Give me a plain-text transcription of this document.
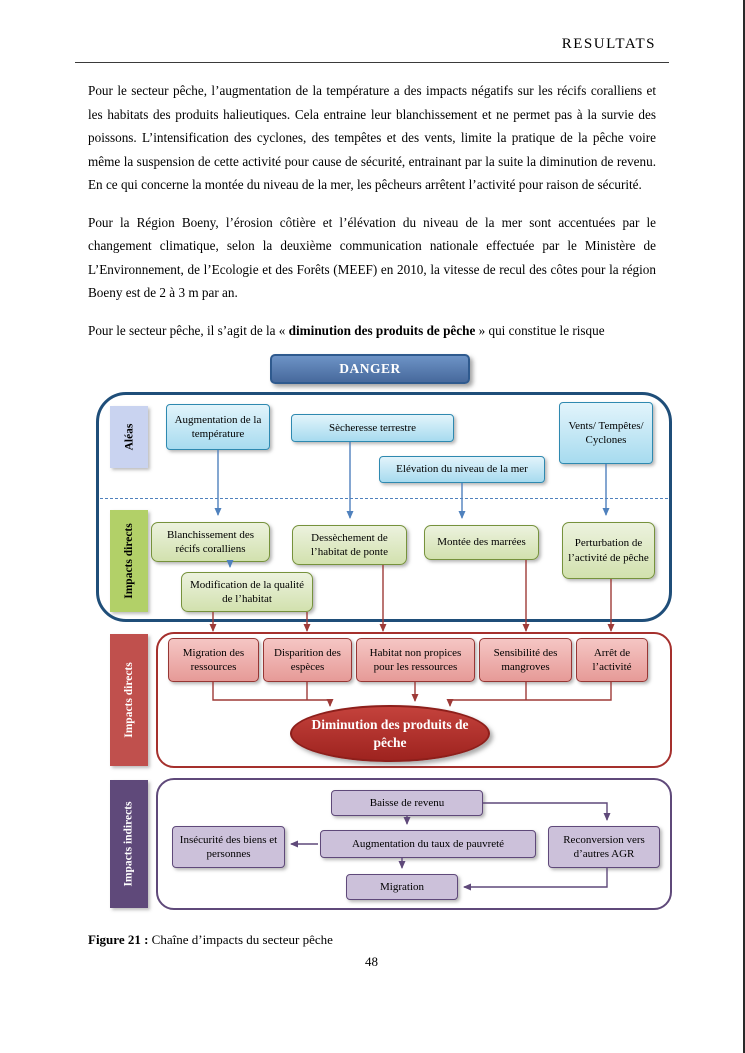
RESULTATS

Pour le secteur pêche, l’augmentation de la température a des impacts négatifs sur les récifs coralliens et les habitats des produits halieutiques. Cela entraine leur blanchissement et ne permet pas à la survie des poissons. L’intensification des cyclones, des tempêtes et des vents, limite la pratique de la pêche voire même la suspension de cette activité pour cause de sécurité, entrainant par la suite la diminution de revenu. En ce qui concerne la montée du niveau de la mer, les pêcheurs arrêtent l’activité pour raison de sécurité.

Pour la Région Boeny, l’érosion côtière et l’élévation du niveau de la mer sont accentuées par le changement climatique, selon la deuxième communication nationale effectuée par le Ministère de L’Environnement, de l’Ecologie et des Forêts (MEEF) en 2010, la vitesse de recul des côtes pour la région Boeny est de 2 à 3 m par an.

Pour le secteur pêche, il s’agit de la « diminution des produits de pêche » qui constitue le risque

DANGER
Aléas
Impacts directs
Impacts directs
Impacts indirects
Augmentation de la température
Sècheresse terrestre	Vents/ Tempêtes/ Cyclones
Elévation du niveau de la mer
Blanchissement des récifs coralliens
Dessèchement de l’habitat de ponte
Montée des marrées	Perturbation de l’activité de pêche
Modification de la qualité de l’habitat
Migration des ressources
Disparition des espèces
Habitat non propices pour les ressources
Sensibilité des mangroves
Arrêt de l’activité
Diminution des produits de pêche
Baisse de revenu
Insécurité des biens et personnes
Augmentation du taux de pauvreté	Reconversion vers d’autres AGR
Migration
Figure 21 : Chaîne d’impacts du secteur pêche
48
